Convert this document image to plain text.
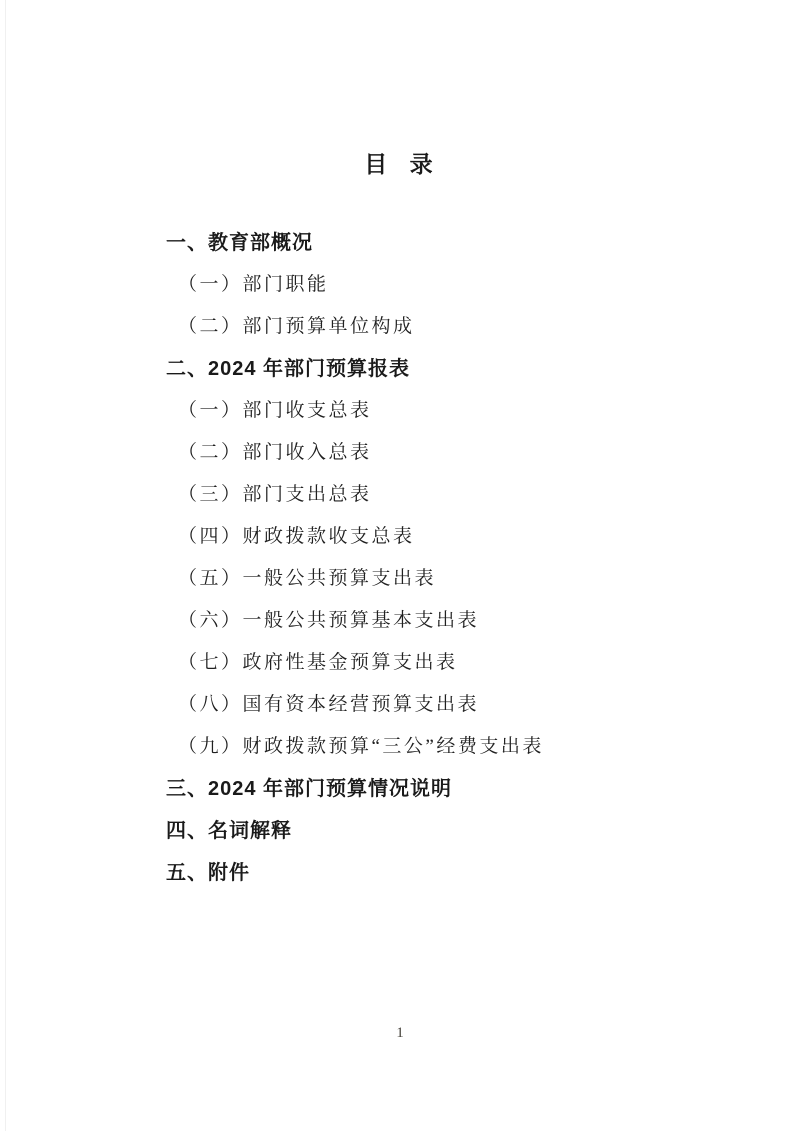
目 录
一、教育部概况
（一）部门职能
（二）部门预算单位构成
二、2024 年部门预算报表
（一）部门收支总表
（二）部门收入总表
（三）部门支出总表
（四）财政拨款收支总表
（五）一般公共预算支出表
（六）一般公共预算基本支出表
（七）政府性基金预算支出表
（八）国有资本经营预算支出表
（九）财政拨款预算“三公”经费支出表
三、2024 年部门预算情况说明
四、名词解释
五、附件
1
